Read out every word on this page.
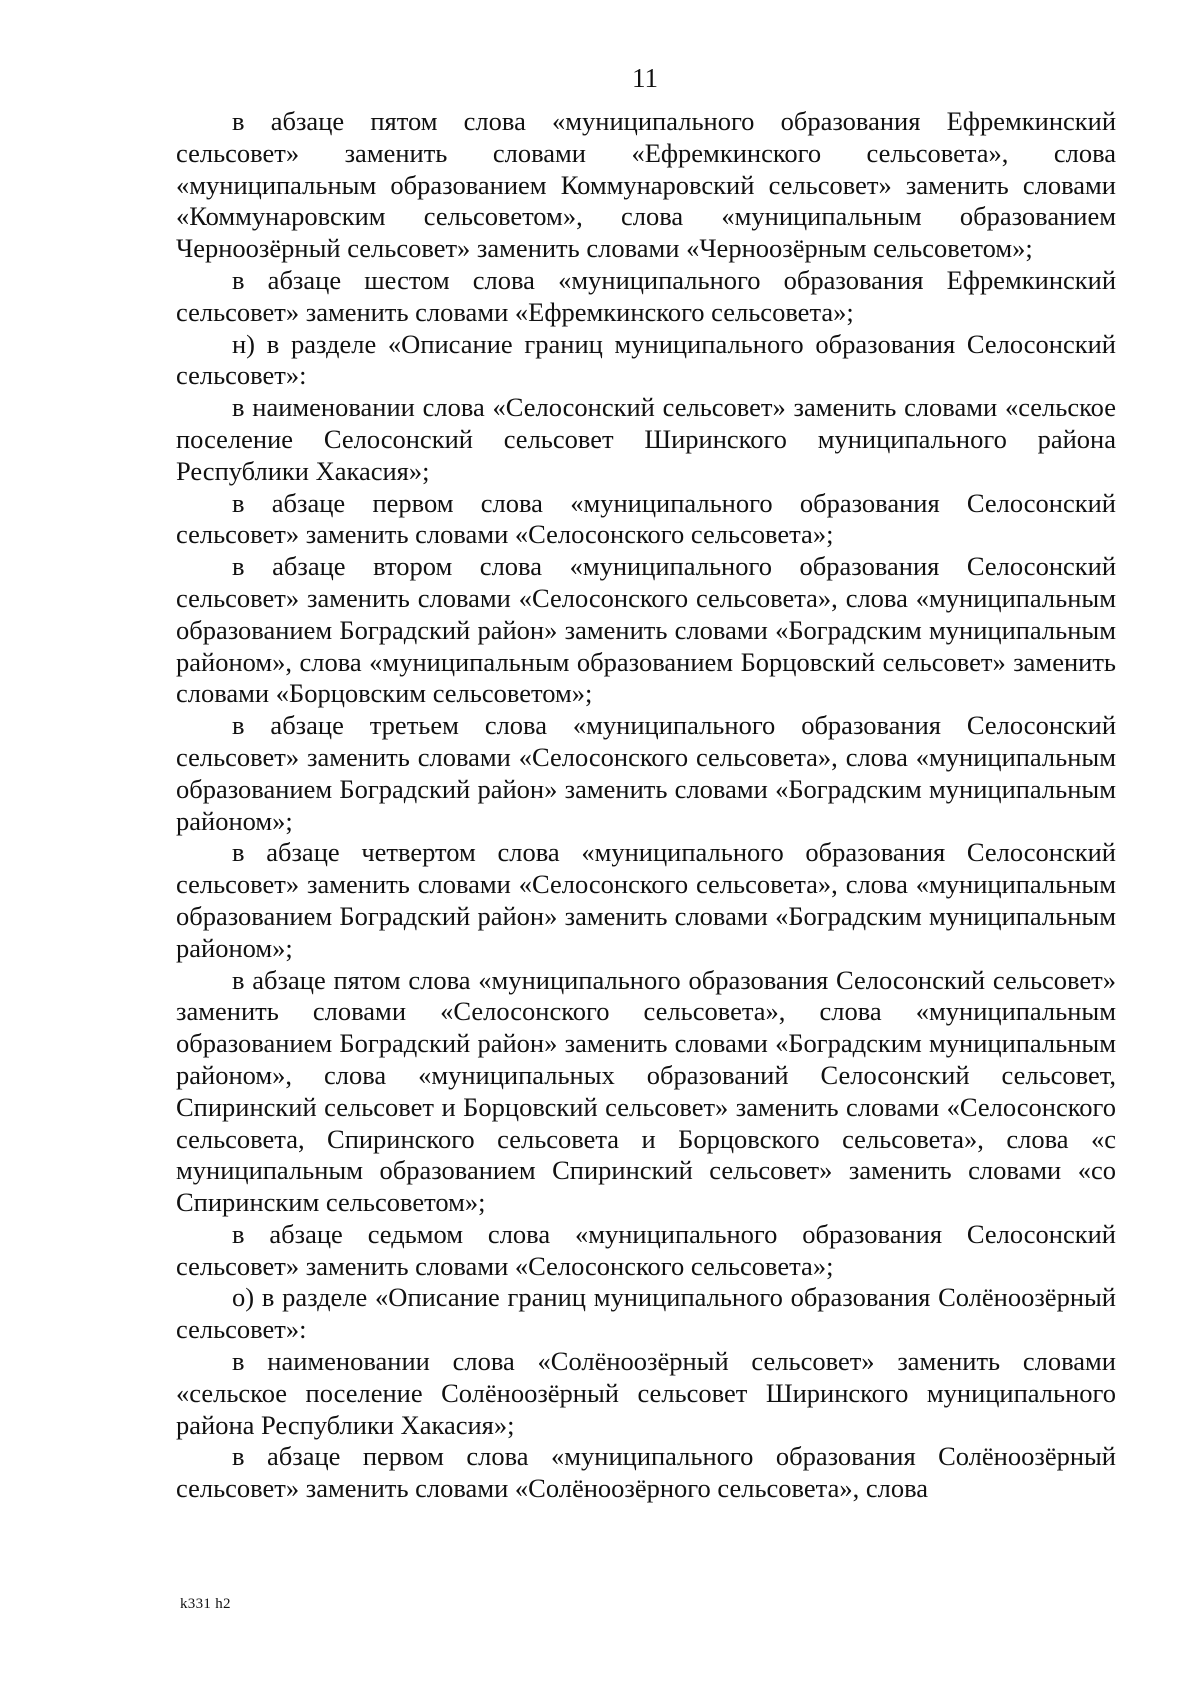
11

в абзаце пятом слова «муниципального образования Ефремкинский сельсовет» заменить словами «Ефремкинского сельсовета», слова «муниципальным образованием Коммунаровский сельсовет» заменить словами «Коммунаровским сельсоветом», слова «муниципальным образованием Черноозёрный сельсовет» заменить словами «Черноозёрным сельсоветом»;

в абзаце шестом слова «муниципального образования Ефремкинский сельсовет» заменить словами «Ефремкинского сельсовета»;

н) в разделе «Описание границ муниципального образования Селосонский сельсовет»:

в наименовании слова «Селосонский сельсовет» заменить словами «сельское поселение Селосонский сельсовет Ширинского муниципального района Республики Хакасия»;

в абзаце первом слова «муниципального образования Селосонский сельсовет» заменить словами «Селосонского сельсовета»;

в абзаце втором слова «муниципального образования Селосонский сельсовет» заменить словами «Селосонского сельсовета», слова «муниципальным образованием Боградский район» заменить словами «Боградским муниципальным районом», слова «муниципальным образованием Борцовский сельсовет» заменить словами «Борцовским сельсоветом»;

в абзаце третьем слова «муниципального образования Селосонский сельсовет» заменить словами «Селосонского сельсовета», слова «муниципальным образованием Боградский район» заменить словами «Боградским муниципальным районом»;

в абзаце четвертом слова «муниципального образования Селосонский сельсовет» заменить словами «Селосонского сельсовета», слова «муниципальным образованием Боградский район» заменить словами «Боградским муниципальным районом»;

в абзаце пятом слова «муниципального образования Селосонский сельсовет» заменить словами «Селосонского сельсовета», слова «муниципальным образованием Боградский район» заменить словами «Боградским муниципальным районом», слова «муниципальных образований Селосонский сельсовет, Спиринский сельсовет и Борцовский сельсовет» заменить словами «Селосонского сельсовета, Спиринского сельсовета и Борцовского сельсовета», слова «с муниципальным образованием Спиринский сельсовет» заменить словами «со Спиринским сельсоветом»;

в абзаце седьмом слова «муниципального образования Селосонский сельсовет» заменить словами «Селосонского сельсовета»;

о) в разделе «Описание границ муниципального образования Солёноозёрный сельсовет»:

в наименовании слова «Солёноозёрный сельсовет» заменить словами «сельское поселение Солёноозёрный сельсовет Ширинского муниципального района Республики Хакасия»;

в абзаце первом слова «муниципального образования Солёноозёрный сельсовет» заменить словами «Солёноозёрного сельсовета», слова

k331 h2
